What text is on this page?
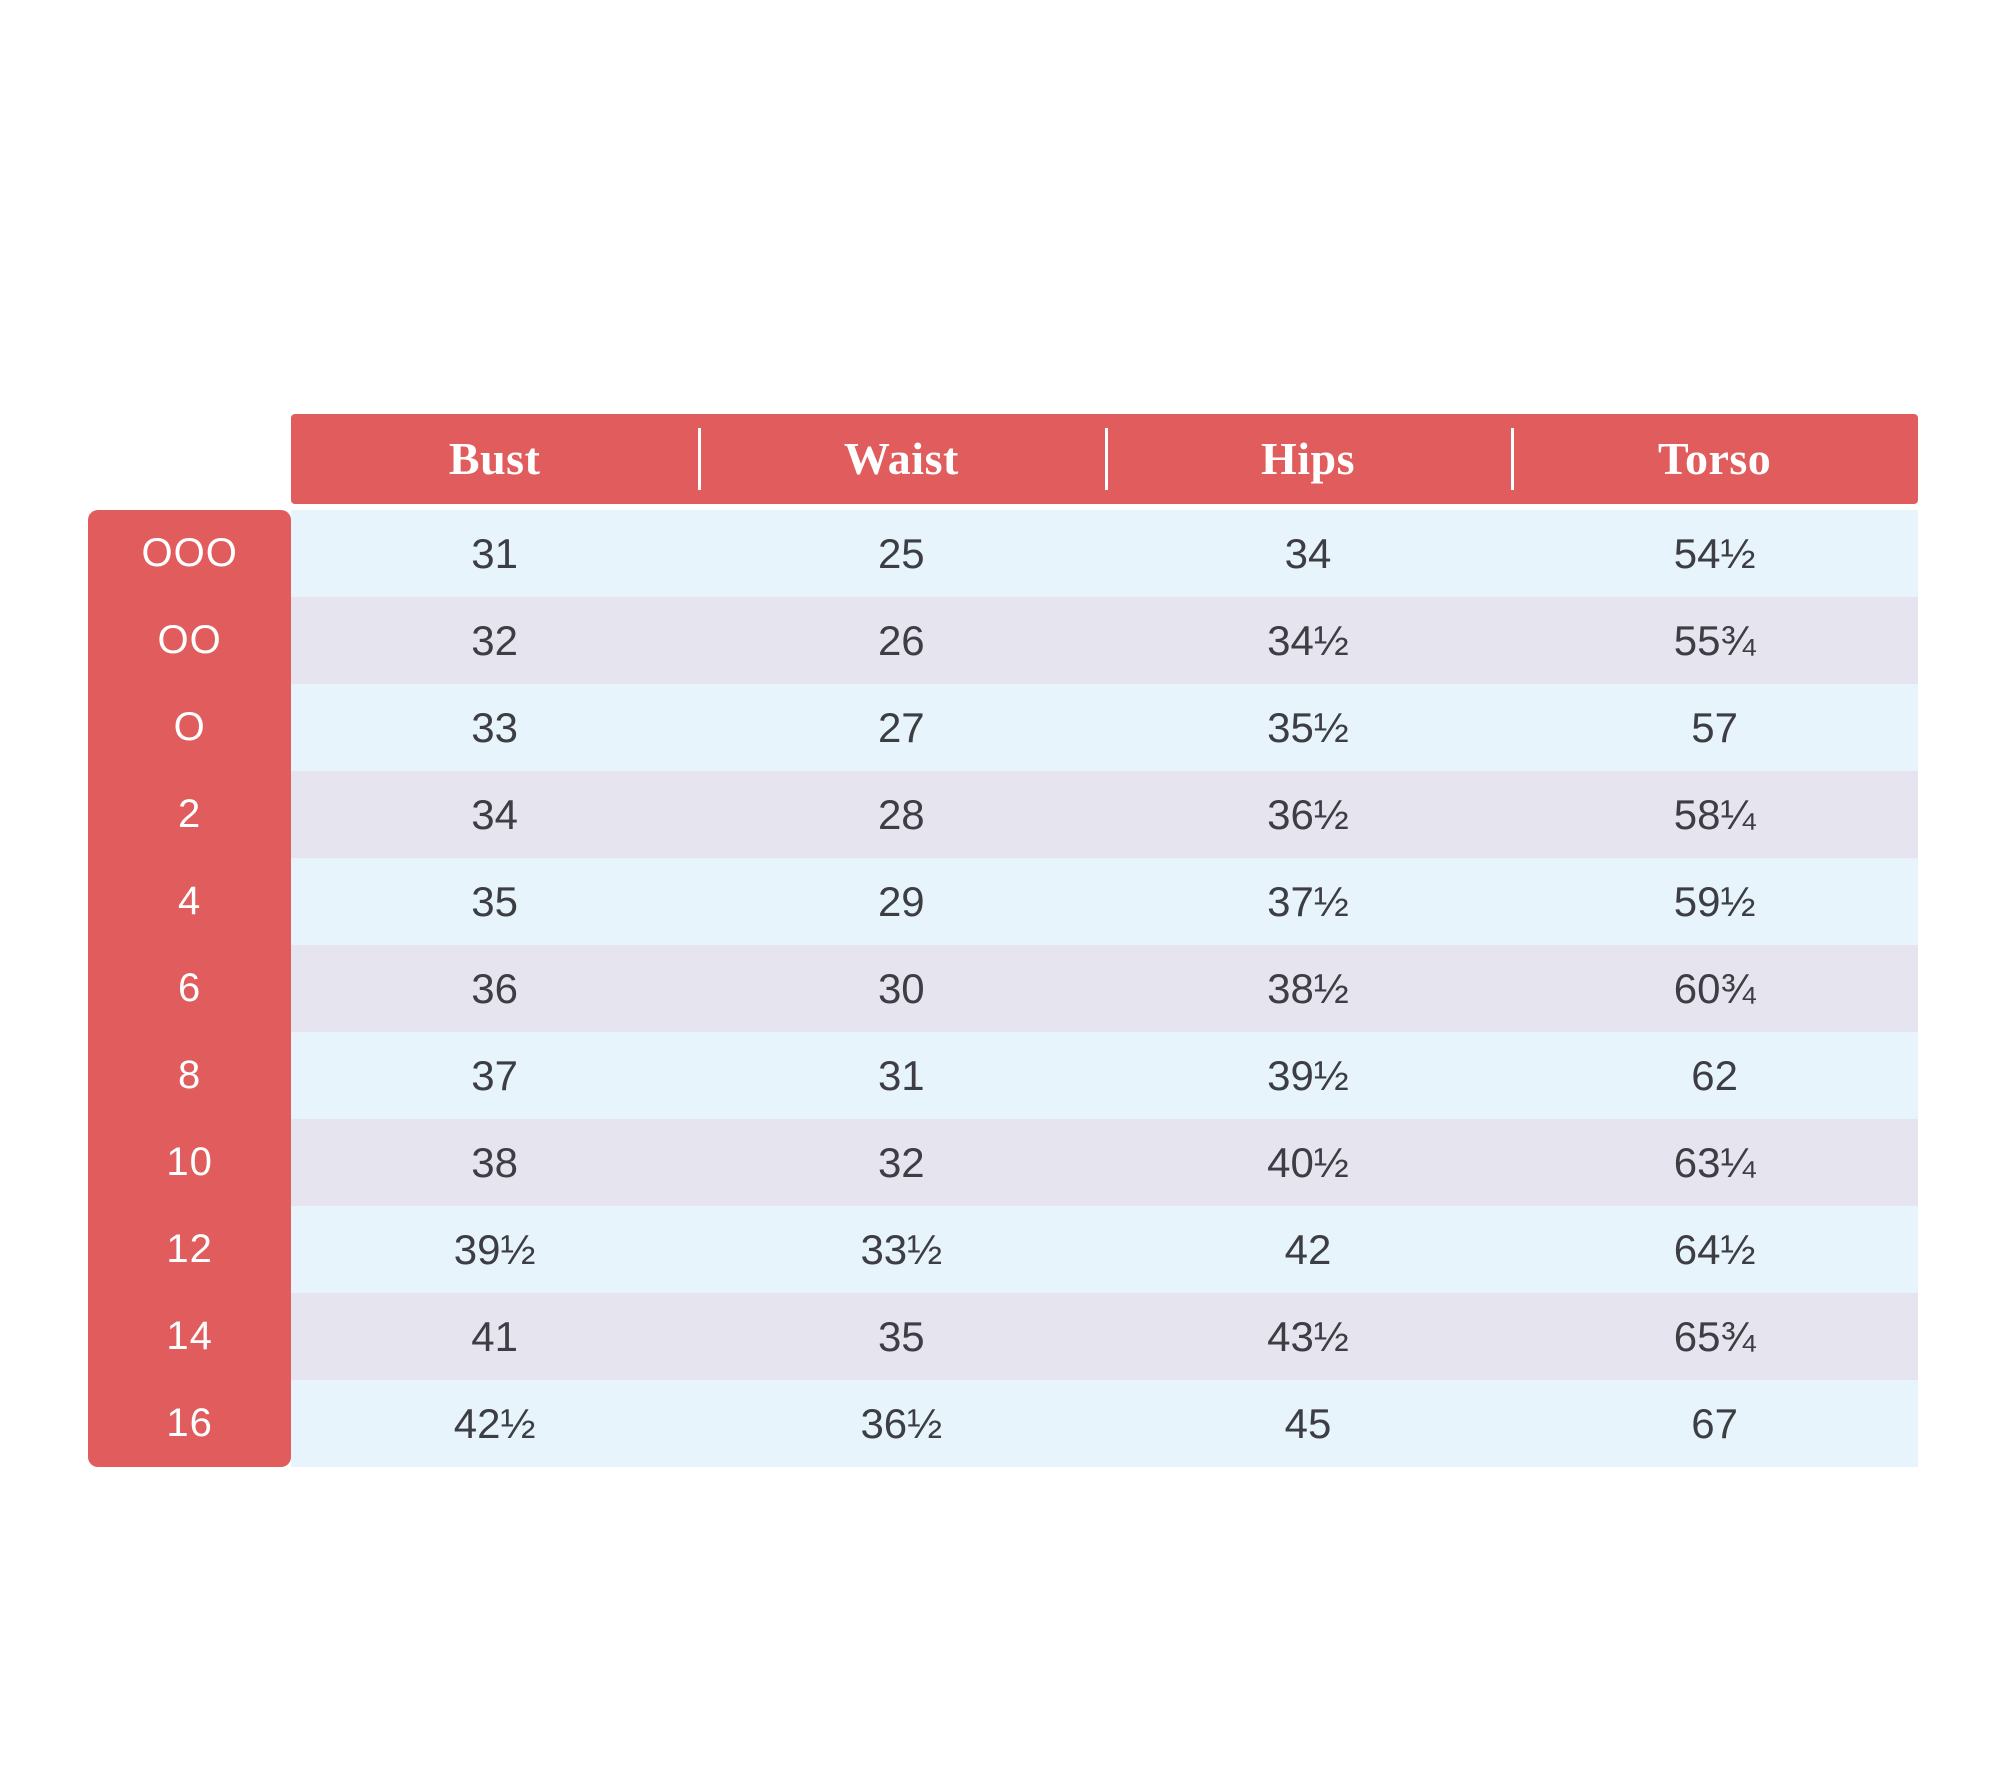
	Bust	Waist	Hips	Torso

OOO	31	25	34	54½
OO	32	26	34½	55¾
O	33	27	35½	57
2	34	28	36½	58¼
4	35	29	37½	59½
6	36	30	38½	60¾
8	37	31	39½	62
10	38	32	40½	63¼
12	39½	33½	42	64½
14	41	35	43½	65¾
16	42½	36½	45	67
